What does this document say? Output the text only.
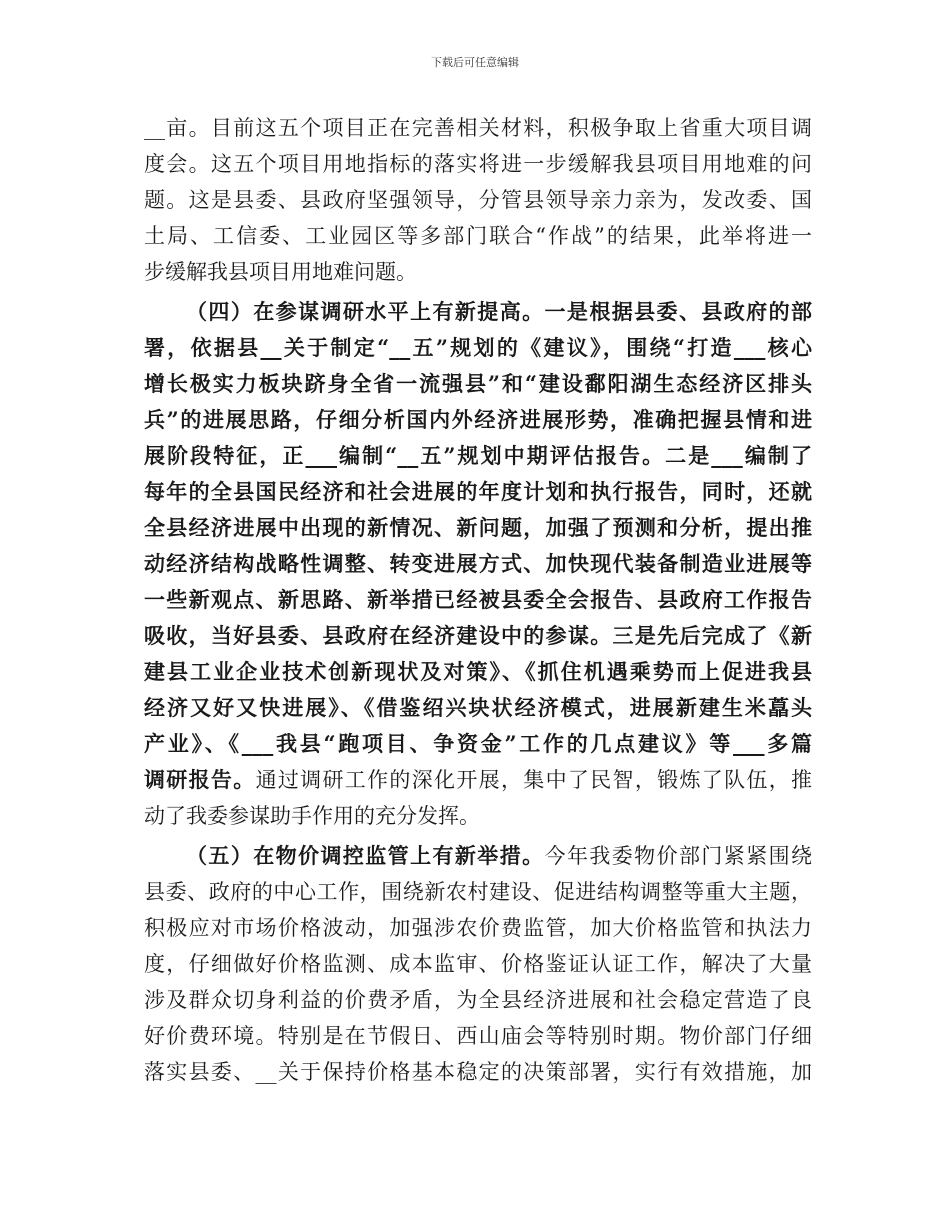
下载后可任意编辑
__亩。目前这五个项目正在完善相关材料，积极争取上省重大项目调
度会。这五个项目用地指标的落实将进一步缓解我县项目用地难的问
题。这是县委、县政府坚强领导，分管县领导亲力亲为，发改委、国
土局、工信委、工业园区等多部门联合“作战”的结果，此举将进一
步缓解我县项目用地难问题。
（四）在参谋调研水平上有新提高。一是根据县委、县政府的部
署，依据县__关于制定“__五”规划的《建议》，围绕“打造___核心
增长极实力板块跻身全省一流强县”和“建设鄱阳湖生态经济区排头
兵”的进展思路，仔细分析国内外经济进展形势，准确把握县情和进
展阶段特征，正___编制“__五”规划中期评估报告。二是___编制了
每年的全县国民经济和社会进展的年度计划和执行报告，同时，还就
全县经济进展中出现的新情况、新问题，加强了预测和分析，提出推
动经济结构战略性调整、转变进展方式、加快现代装备制造业进展等
一些新观点、新思路、新举措已经被县委全会报告、县政府工作报告
吸收，当好县委、县政府在经济建设中的参谋。三是先后完成了《新
建县工业企业技术创新现状及对策》、《抓住机遇乘势而上促进我县
经济又好又快进展》、《借鉴绍兴块状经济模式，进展新建生米藠头
产业》、《___我县“跑项目、争资金”工作的几点建议》等___多篇
调研报告。通过调研工作的深化开展，集中了民智，锻炼了队伍，推
动了我委参谋助手作用的充分发挥。
（五）在物价调控监管上有新举措。今年我委物价部门紧紧围绕
县委、政府的中心工作，围绕新农村建设、促进结构调整等重大主题，
积极应对市场价格波动，加强涉农价费监管，加大价格监管和执法力
度，仔细做好价格监测、成本监审、价格鉴证认证工作，解决了大量
涉及群众切身利益的价费矛盾，为全县经济进展和社会稳定营造了良
好价费环境。特别是在节假日、西山庙会等特别时期。物价部门仔细
落实县委、__关于保持价格基本稳定的决策部署，实行有效措施，加
